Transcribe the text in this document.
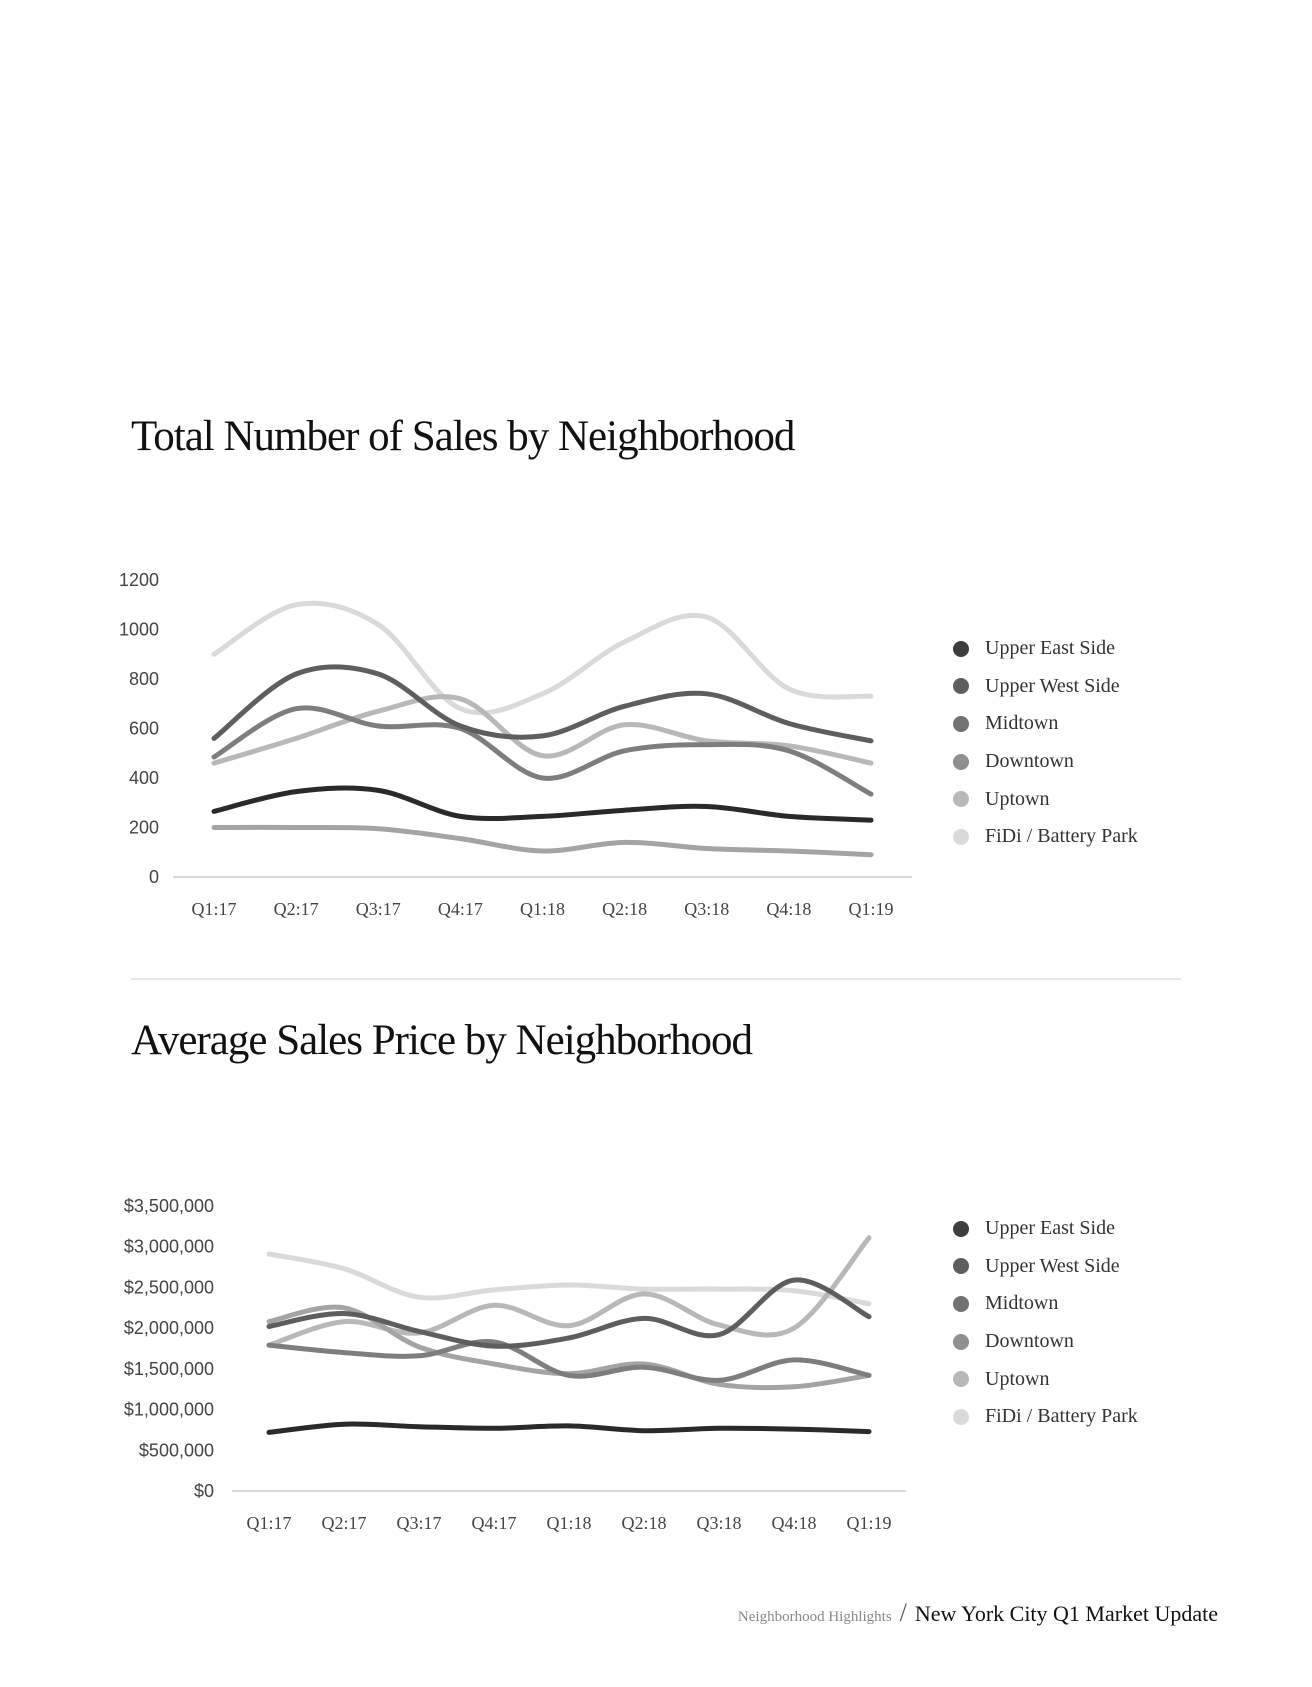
Total Number of Sales by Neighborhood
1200
1000
800
600
400
200
0
Q1:17 Q2:17 Q3:17 Q4:17 Q1:18 Q2:18 Q3:18 Q4:18 Q1:19
Upper East Side
Upper West Side
Midtown
Downtown
Uptown
FiDi / Battery Park
Average Sales Price by Neighborhood
$3,500,000
$3,000,000
$2,500,000
$2,000,000
$1,500,000
$1,000,000
$500,000
$0
Q1:17 Q2:17 Q3:17 Q4:17 Q1:18 Q2:18 Q3:18 Q4:18 Q1:19
Upper East Side
Upper West Side
Midtown
Downtown
Uptown
FiDi / Battery Park
Neighborhood Highlights / New York City Q1 Market Update
